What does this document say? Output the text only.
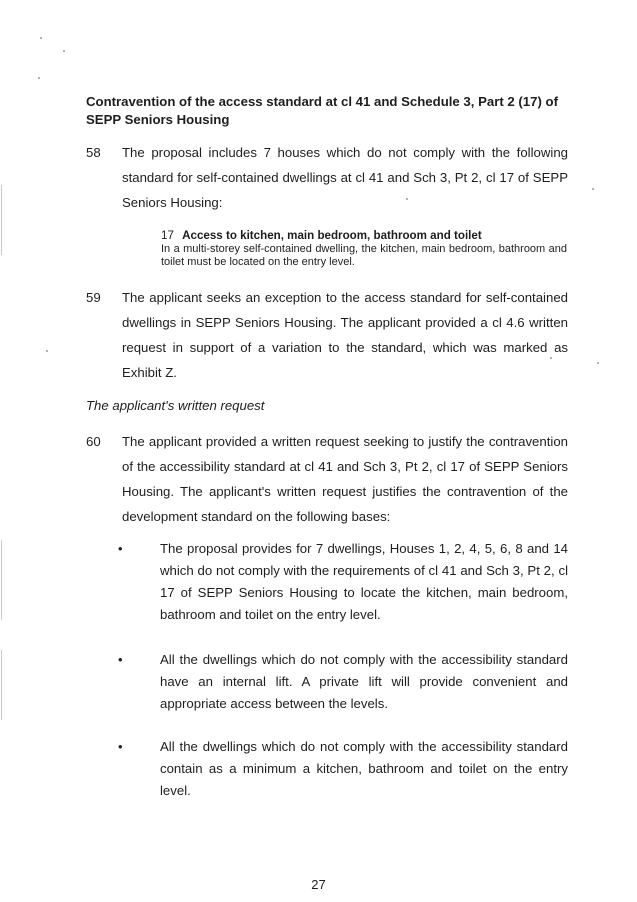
Contravention of the access standard at cl 41 and Schedule 3, Part 2 (17) of SEPP Seniors Housing

58 The proposal includes 7 houses which do not comply with the following standard for self-contained dwellings at cl 41 and Sch 3, Pt 2, cl 17 of SEPP Seniors Housing:
17 Access to kitchen, main bedroom, bathroom and toilet
In a multi-storey self-contained dwelling, the kitchen, main bedroom, bathroom and toilet must be located on the entry level.
59 The applicant seeks an exception to the access standard for self-contained dwellings in SEPP Seniors Housing. The applicant provided a cl 4.6 written request in support of a variation to the standard, which was marked as Exhibit Z.
The applicant's written request
60 The applicant provided a written request seeking to justify the contravention of the accessibility standard at cl 41 and Sch 3, Pt 2, cl 17 of SEPP Seniors Housing. The applicant's written request justifies the contravention of the development standard on the following bases:
•	The proposal provides for 7 dwellings, Houses 1, 2, 4, 5, 6, 8 and 14 which do not comply with the requirements of cl 41 and Sch 3, Pt 2, cl 17 of SEPP Seniors Housing to locate the kitchen, main bedroom, bathroom and toilet on the entry level.
•	All the dwellings which do not comply with the accessibility standard have an internal lift. A private lift will provide convenient and appropriate access between the levels.
•	All the dwellings which do not comply with the accessibility standard contain as a minimum a kitchen, bathroom and toilet on the entry level.
27
